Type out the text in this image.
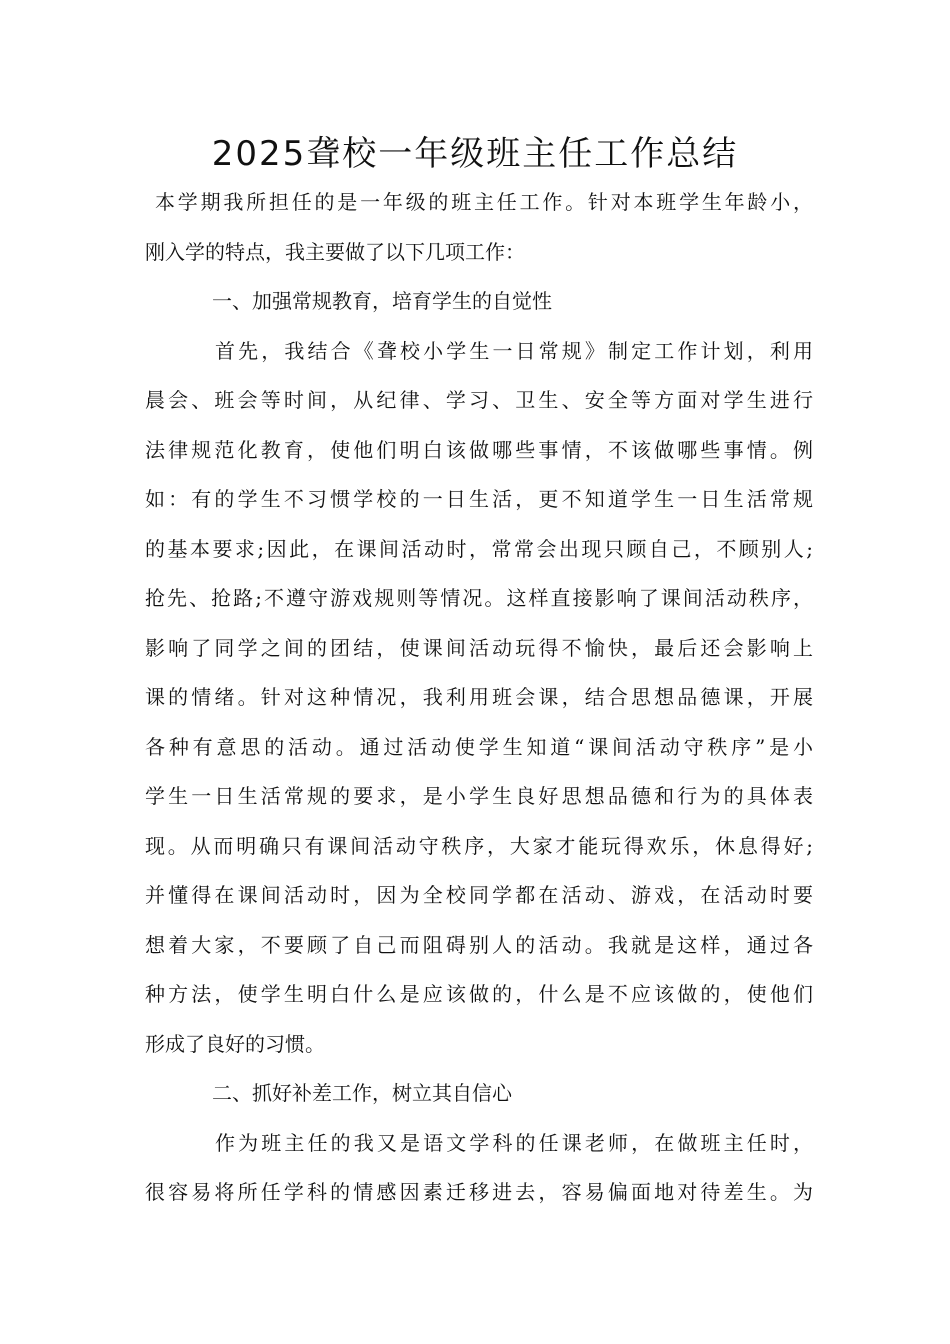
2025聋校一年级班主任工作总结
本学期我所担任的是一年级的班主任工作。针对本班学生年龄小，
刚入学的特点，我主要做了以下几项工作：
一、加强常规教育，培育学生的自觉性
首先，我结合《聋校小学生一日常规》制定工作计划，利用
晨会、班会等时间，从纪律、学习、卫生、安全等方面对学生进行
法律规范化教育，使他们明白该做哪些事情，不该做哪些事情。例
如：有的学生不习惯学校的一日生活，更不知道学生一日生活常规
的基本要求;因此，在课间活动时，常常会出现只顾自己，不顾别人;
抢先、抢路;不遵守游戏规则等情况。这样直接影响了课间活动秩序，
影响了同学之间的团结，使课间活动玩得不愉快，最后还会影响上
课的情绪。针对这种情况，我利用班会课，结合思想品德课，开展
各种有意思的活动。通过活动使学生知道“课间活动守秩序”是小
学生一日生活常规的要求，是小学生良好思想品德和行为的具体表
现。从而明确只有课间活动守秩序，大家才能玩得欢乐，休息得好;
并懂得在课间活动时，因为全校同学都在活动、游戏，在活动时要
想着大家，不要顾了自己而阻碍别人的活动。我就是这样，通过各
种方法，使学生明白什么是应该做的，什么是不应该做的，使他们
形成了良好的习惯。
二、抓好补差工作，树立其自信心
作为班主任的我又是语文学科的任课老师，在做班主任时，
很容易将所任学科的情感因素迁移进去，容易偏面地对待差生。为
